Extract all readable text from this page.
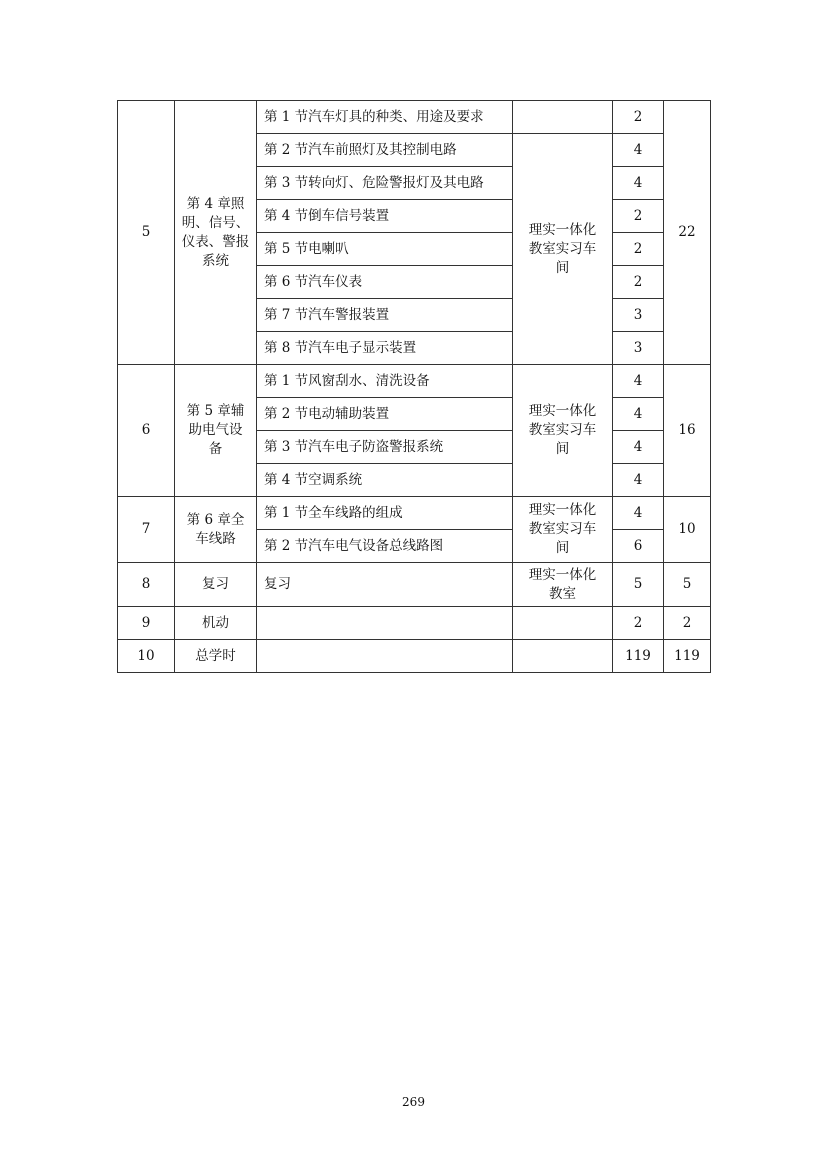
5	第 4 章照
明、信号、
仪表、警报
系统	第 1 节汽车灯具的种类、用途及要求		2	22
		第 2 节汽车前照灯及其控制电路	理实一体化
教室实习车
间	4	
		第 3 节转向灯、危险警报灯及其电路		4	
		第 4 节倒车信号装置		2	
		第 5 节电喇叭		2	
		第 6 节汽车仪表		2	
		第 7 节汽车警报装置		3	
		第 8 节汽车电子显示装置		3	
6	第 5 章辅
助电气设
备	第 1 节风窗刮水、清洗设备	理实一体化
教室实习车
间	4	16
		第 2 节电动辅助装置		4	
		第 3 节汽车电子防盗警报系统		4	
		第 4 节空调系统		4	
7	第 6 章全
车线路	第 1 节全车线路的组成	理实一体化
教室实习车
间	4	10
		第 2 节汽车电气设备总线路图		6	
8	复习	复习	理实一体化
教室	5	5
9	机动			2	2
10	总学时			119	119
269
